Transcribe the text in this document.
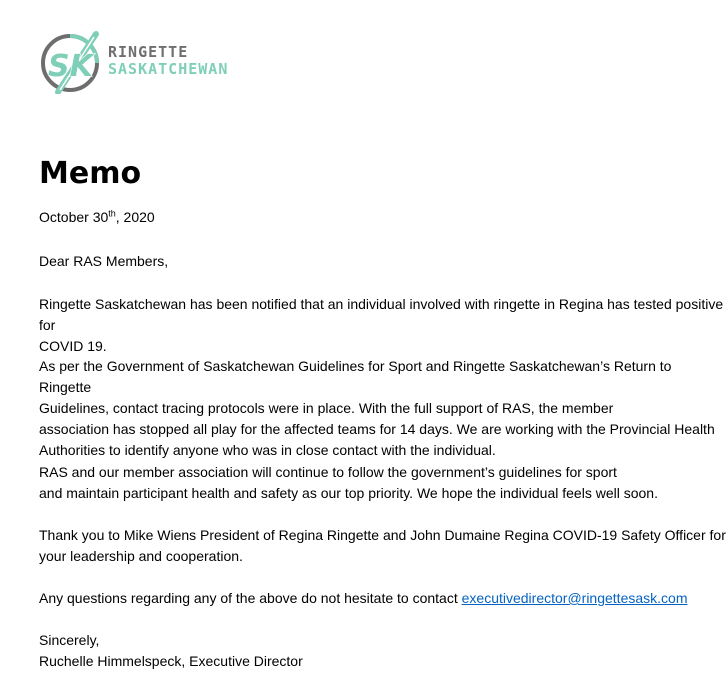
SK RINGETTE
SASKATCHEWAN
Memo

October 30th, 2020

Dear RAS Members,

Ringette Saskatchewan has been notified that an individual involved with ringette in Regina has tested positive for
COVID 19.

As per the Government of Saskatchewan Guidelines for Sport and Ringette Saskatchewan’s Return to Ringette
Guidelines, contact tracing protocols were in place. With the full support of RAS, the member
association has stopped all play for the affected teams for 14 days. We are working with the Provincial Health
Authorities to identify anyone who was in close contact with the individual.

RAS and our member association will continue to follow the government’s guidelines for sport
and maintain participant health and safety as our top priority. We hope the individual feels well soon.

Thank you to Mike Wiens President of Regina Ringette and John Dumaine Regina COVID-19 Safety Officer for
your leadership and cooperation.

Any questions regarding any of the above do not hesitate to contact executivedirector@ringettesask.com

Sincerely,
Ruchelle Himmelspeck, Executive Director
